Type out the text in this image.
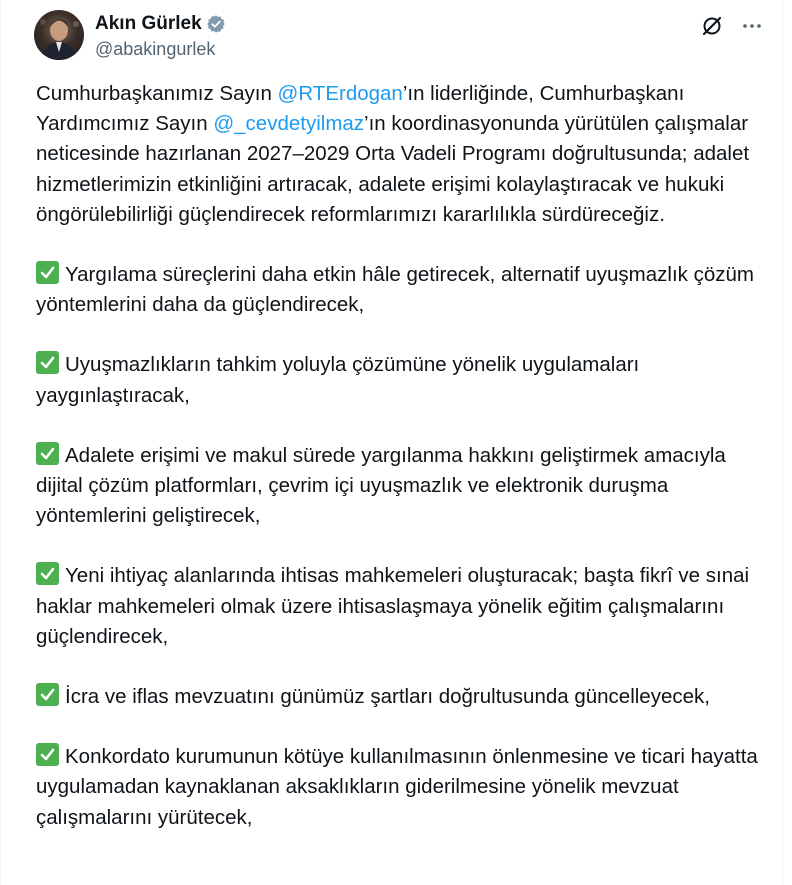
Akın Gürlek
@abakingurlek

Cumhurbaşkanımız Sayın @RTErdogan’ın liderliğinde, Cumhurbaşkanı Yardımcımız Sayın @_cevdetyilmaz’ın koordinasyonunda yürütülen çalışmalar neticesinde hazırlanan 2027–2029 Orta Vadeli Programı doğrultusunda; adalet hizmetlerimizin etkinliğini artıracak, adalete erişimi kolaylaştıracak ve hukuki öngörülebilirliği güçlendirecek reformlarımızı kararlılıkla sürdüreceğiz.

Yargılama süreçlerini daha etkin hâle getirecek, alternatif uyuşmazlık çözüm yöntemlerini daha da güçlendirecek,

Uyuşmazlıkların tahkim yoluyla çözümüne yönelik uygulamaları yaygınlaştıracak,

Adalete erişimi ve makul sürede yargılanma hakkını geliştirmek amacıyla dijital çözüm platformları, çevrim içi uyuşmazlık ve elektronik duruşma yöntemlerini geliştirecek,

Yeni ihtiyaç alanlarında ihtisas mahkemeleri oluşturacak; başta fikrî ve sınai haklar mahkemeleri olmak üzere ihtisaslaşmaya yönelik eğitim çalışmalarını güçlendirecek,

İcra ve iflas mevzuatını günümüz şartları doğrultusunda güncelleyecek,

Konkordato kurumunun kötüye kullanılmasının önlenmesine ve ticari hayatta uygulamadan kaynaklanan aksaklıkların giderilmesine yönelik mevzuat çalışmalarını yürütecek,
